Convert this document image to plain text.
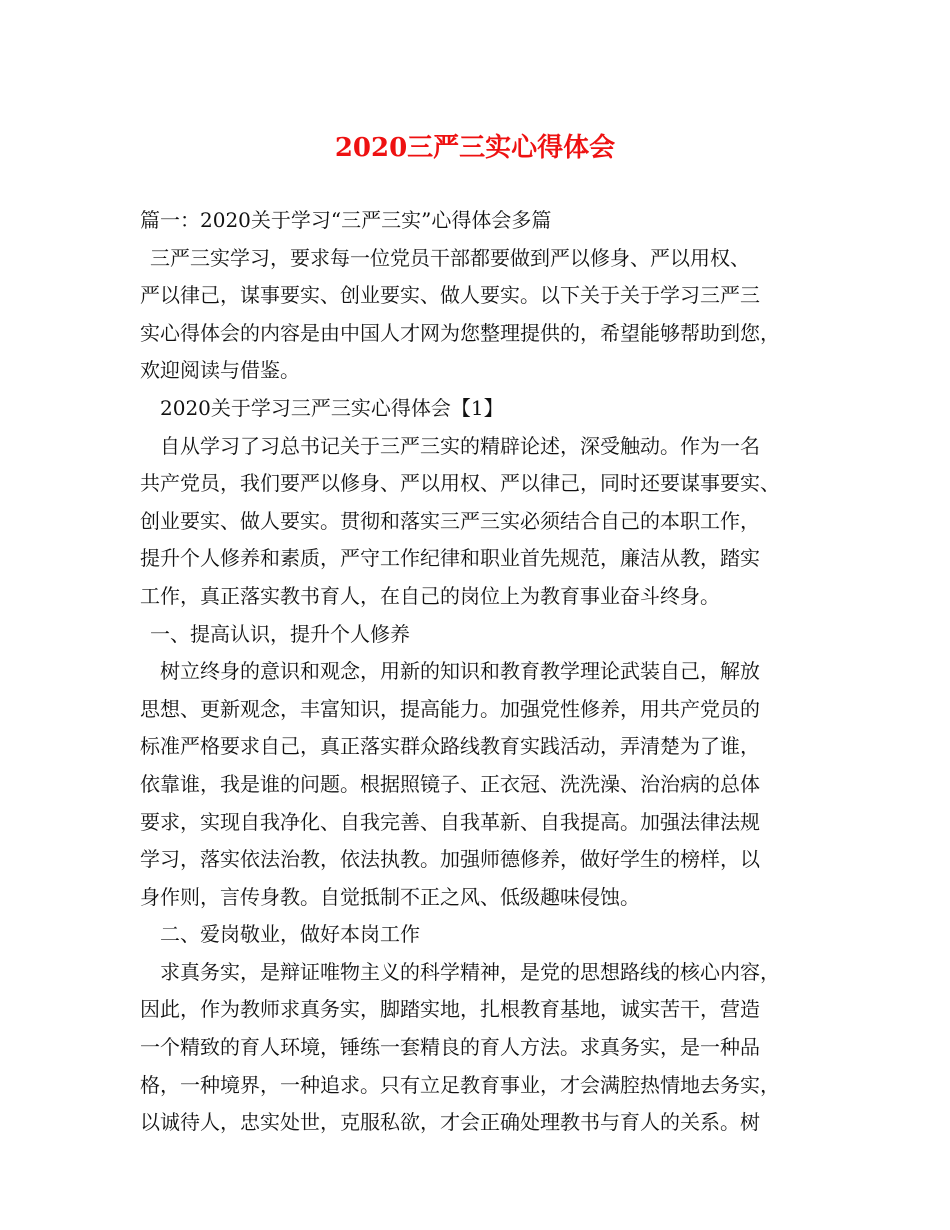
2020三严三实心得体会
篇一：2020关于学习“三严三实”心得体会多篇
三严三实学习，要求每一位党员干部都要做到严以修身、严以用权、
严以律己，谋事要实、创业要实、做人要实。以下关于关于学习三严三
实心得体会的内容是由中国人才网为您整理提供的，希望能够帮助到您，
欢迎阅读与借鉴。
2020关于学习三严三实心得体会【1】
自从学习了习总书记关于三严三实的精辟论述，深受触动。作为一名
共产党员，我们要严以修身、严以用权、严以律己，同时还要谋事要实、
创业要实、做人要实。贯彻和落实三严三实必须结合自己的本职工作，
提升个人修养和素质，严守工作纪律和职业首先规范，廉洁从教，踏实
工作，真正落实教书育人，在自己的岗位上为教育事业奋斗终身。
一、提高认识，提升个人修养
树立终身的意识和观念，用新的知识和教育教学理论武装自己，解放
思想、更新观念，丰富知识，提高能力。加强党性修养，用共产党员的
标准严格要求自己，真正落实群众路线教育实践活动，弄清楚为了谁，
依靠谁，我是谁的问题。根据照镜子、正衣冠、洗洗澡、治治病的总体
要求，实现自我净化、自我完善、自我革新、自我提高。加强法律法规
学习，落实依法治教，依法执教。加强师德修养，做好学生的榜样，以
身作则，言传身教。自觉抵制不正之风、低级趣味侵蚀。
二、爱岗敬业，做好本岗工作
求真务实，是辩证唯物主义的科学精神，是党的思想路线的核心内容，
因此，作为教师求真务实，脚踏实地，扎根教育基地，诚实苦干，营造
一个精致的育人环境，锤练一套精良的育人方法。求真务实，是一种品
格，一种境界，一种追求。只有立足教育事业，才会满腔热情地去务实，
以诚待人，忠实处世，克服私欲，才会正确处理教书与育人的关系。树
